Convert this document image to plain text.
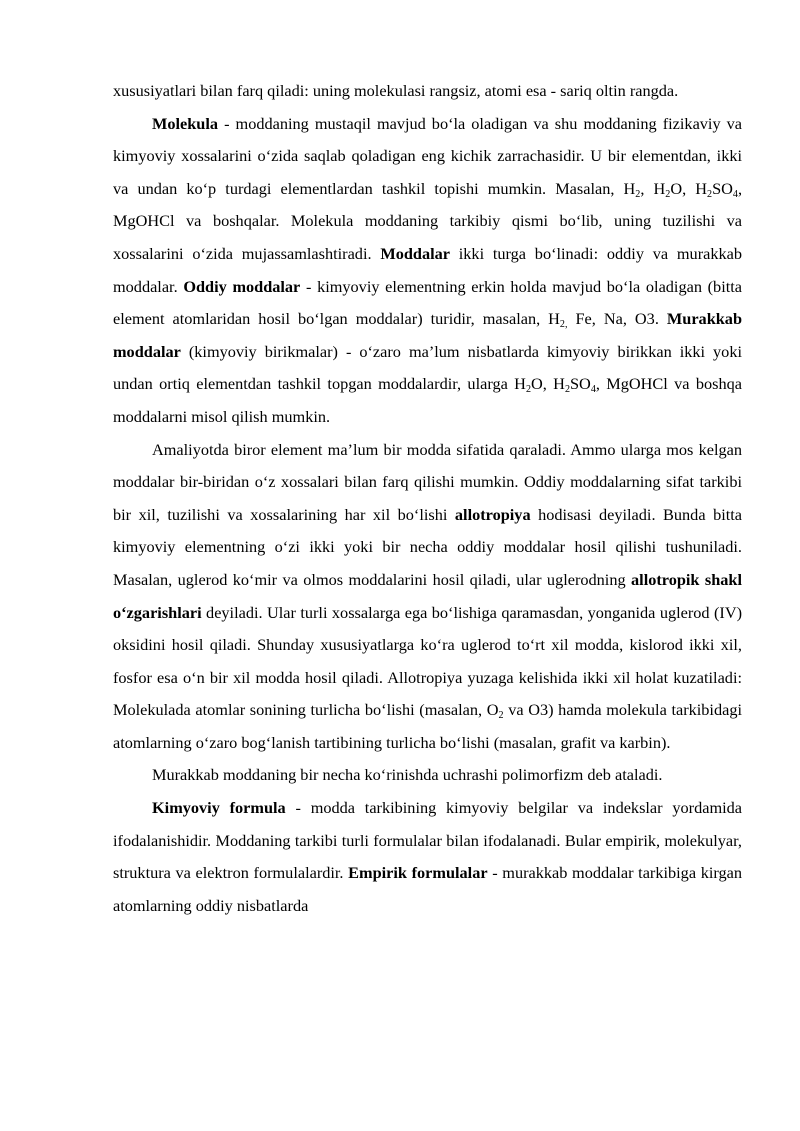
xususiyatlari bilan farq qiladi: uning molekulasi rangsiz, atomi esa - sariq oltin rangda.

Molekula - moddaning mustaqil mavjud bo‘la oladigan va shu moddaning fizikaviy va kimyoviy xossalarini o‘zida saqlab qoladigan eng kichik zarrachasidir. U bir elementdan, ikki va undan ko‘p turdagi elementlardan tashkil topishi mumkin. Masalan, $H_2$, $H_2O$, $H_2SO_4$, MgOHCl va boshqalar. Molekula moddaning tarkibiy qismi bo‘lib, uning tuzilishi va xossalarini o‘zida mujassamlashtiradi. Moddalar ikki turga bo‘linadi: oddiy va murakkab moddalar. Oddiy moddalar - kimyoviy elementning erkin holda mavjud bo‘la oladigan (bitta element atomlaridan hosil bo‘lgan moddalar) turidir, masalan, $H_{2,}$ Fe, Na, O3. Murakkab moddalar (kimyoviy birikmalar) - o‘zaro ma’lum nisbatlarda kimyoviy birikkan ikki yoki undan ortiq elementdan tashkil topgan moddalardir, ularga $H_2O$, $H_2SO_4$, MgOHCl va boshqa moddalarni misol qilish mumkin.

Amaliyotda biror element ma’lum bir modda sifatida qaraladi. Ammo ularga mos kelgan moddalar bir-biridan o‘z xossalari bilan farq qilishi mumkin. Oddiy moddalarning sifat tarkibi bir xil, tuzilishi va xossalarining har xil bo‘lishi allotropiya hodisasi deyiladi. Bunda bitta kimyoviy elementning o‘zi ikki yoki bir necha oddiy moddalar hosil qilishi tushuniladi. Masalan, uglerod ko‘mir va olmos moddalarini hosil qiladi, ular uglerodning allotropik shakl o‘zgarishlari deyiladi. Ular turli xossalarga ega bo‘lishiga qaramasdan, yonganida uglerod (IV) oksidini hosil qiladi. Shunday xususiyatlarga ko‘ra uglerod to‘rt xil modda, kislorod ikki xil, fosfor esa o‘n bir xil modda hosil qiladi. Allotropiya yuzaga kelishida ikki xil holat kuzatiladi: Molekulada atomlar sonining turlicha bo‘lishi (masalan, $O_2$ va O3) hamda molekula tarkibidagi atomlarning o‘zaro bog‘lanish tartibining turlicha bo‘lishi (masalan, grafit va karbin).

Murakkab moddaning bir necha ko‘rinishda uchrashi polimorfizm deb ataladi.

Kimyoviy formula - modda tarkibining kimyoviy belgilar va indekslar yordamida ifodalanishidir. Moddaning tarkibi turli formulalar bilan ifodalanadi. Bular empirik, molekulyar, struktura va elektron formulalardir. Empirik formulalar - murakkab moddalar tarkibiga kirgan atomlarning oddiy nisbatlarda
